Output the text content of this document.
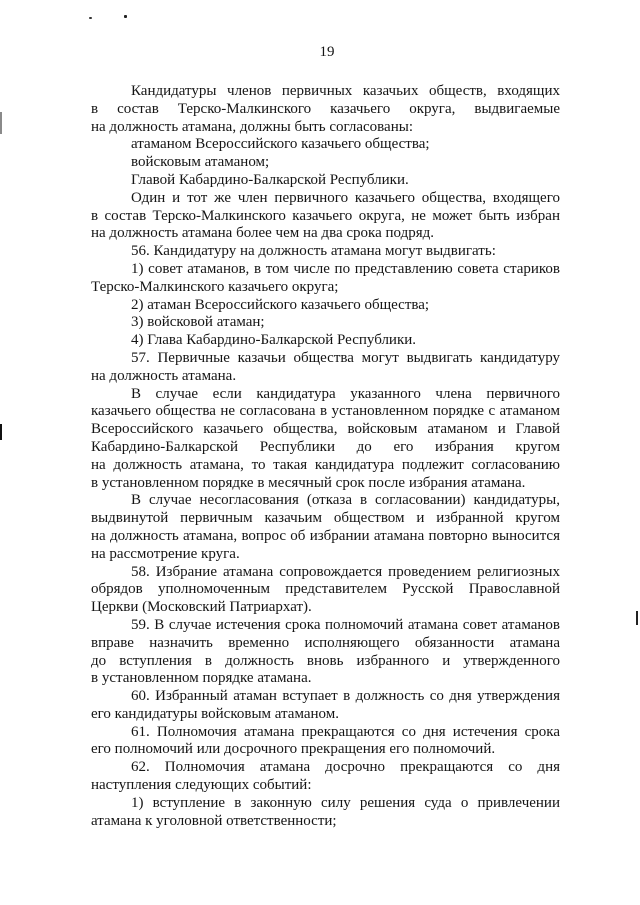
19
Кандидатуры членов первичных казачьих обществ, входящих
в состав Терско-Малкинского казачьего округа, выдвигаемые
на должность атамана, должны быть согласованы:
атаманом Всероссийского казачьего общества;
войсковым атаманом;
Главой Кабардино-Балкарской Республики.
Один и тот же член первичного казачьего общества, входящего
в состав Терско-Малкинского казачьего округа, не может быть избран
на должность атамана более чем на два срока подряд.
56. Кандидатуру на должность атамана могут выдвигать:
1) совет атаманов, в том числе по представлению совета стариков
Терско-Малкинского казачьего округа;
2) атаман Всероссийского казачьего общества;
3) войсковой атаман;
4) Глава Кабардино-Балкарской Республики.
57. Первичные казачьи общества могут выдвигать кандидатуру
на должность атамана.
В случае если кандидатура указанного члена первичного
казачьего общества не согласована в установленном порядке с атаманом
Всероссийского казачьего общества, войсковым атаманом и Главой
Кабардино-Балкарской Республики до его избрания кругом
на должность атамана, то такая кандидатура подлежит согласованию
в установленном порядке в месячный срок после избрания атамана.
В случае несогласования (отказа в согласовании) кандидатуры,
выдвинутой первичным казачьим обществом и избранной кругом
на должность атамана, вопрос об избрании атамана повторно выносится
на рассмотрение круга.
58. Избрание атамана сопровождается проведением религиозных
обрядов уполномоченным представителем Русской Православной
Церкви (Московский Патриархат).
59. В случае истечения срока полномочий атамана совет атаманов
вправе назначить временно исполняющего обязанности атамана
до вступления в должность вновь избранного и утвержденного
в установленном порядке атамана.
60. Избранный атаман вступает в должность со дня утверждения
его кандидатуры войсковым атаманом.
61. Полномочия атамана прекращаются со дня истечения срока
его полномочий или досрочного прекращения его полномочий.
62. Полномочия атамана досрочно прекращаются со дня
наступления следующих событий:
1) вступление в законную силу решения суда о привлечении
атамана к уголовной ответственности;
